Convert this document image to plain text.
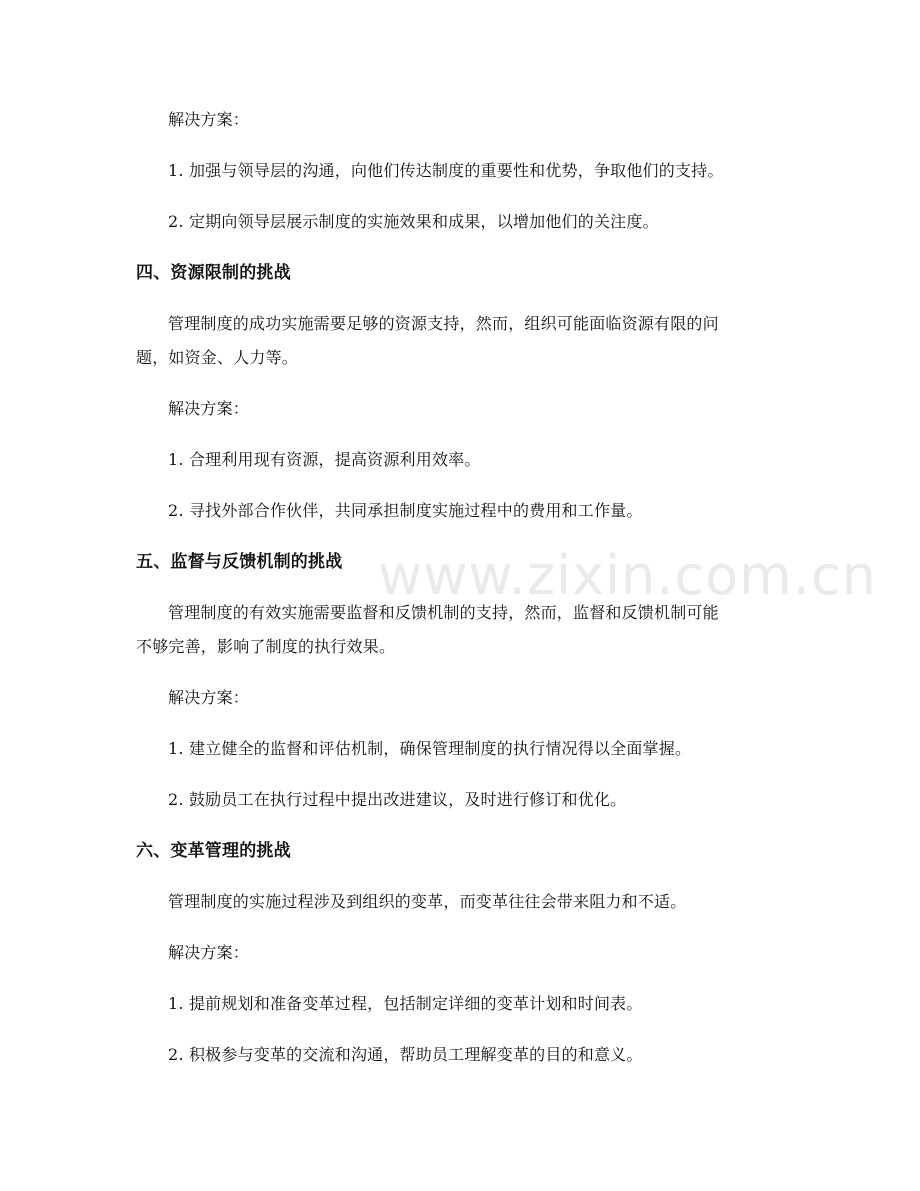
解决方案：
1. 加强与领导层的沟通，向他们传达制度的重要性和优势，争取他们的支持。
2. 定期向领导层展示制度的实施效果和成果，以增加他们的关注度。
四、资源限制的挑战
管理制度的成功实施需要足够的资源支持，然而，组织可能面临资源有限的问
题，如资金、人力等。
解决方案：
1. 合理利用现有资源，提高资源利用效率。
2. 寻找外部合作伙伴，共同承担制度实施过程中的费用和工作量。
五、监督与反馈机制的挑战
管理制度的有效实施需要监督和反馈机制的支持，然而，监督和反馈机制可能
不够完善，影响了制度的执行效果。
解决方案：
1. 建立健全的监督和评估机制，确保管理制度的执行情况得以全面掌握。
2. 鼓励员工在执行过程中提出改进建议，及时进行修订和优化。
六、变革管理的挑战
管理制度的实施过程涉及到组织的变革，而变革往往会带来阻力和不适。
解决方案：
1. 提前规划和准备变革过程，包括制定详细的变革计划和时间表。
2. 积极参与变革的交流和沟通，帮助员工理解变革的目的和意义。
www.zixin.com.cn
